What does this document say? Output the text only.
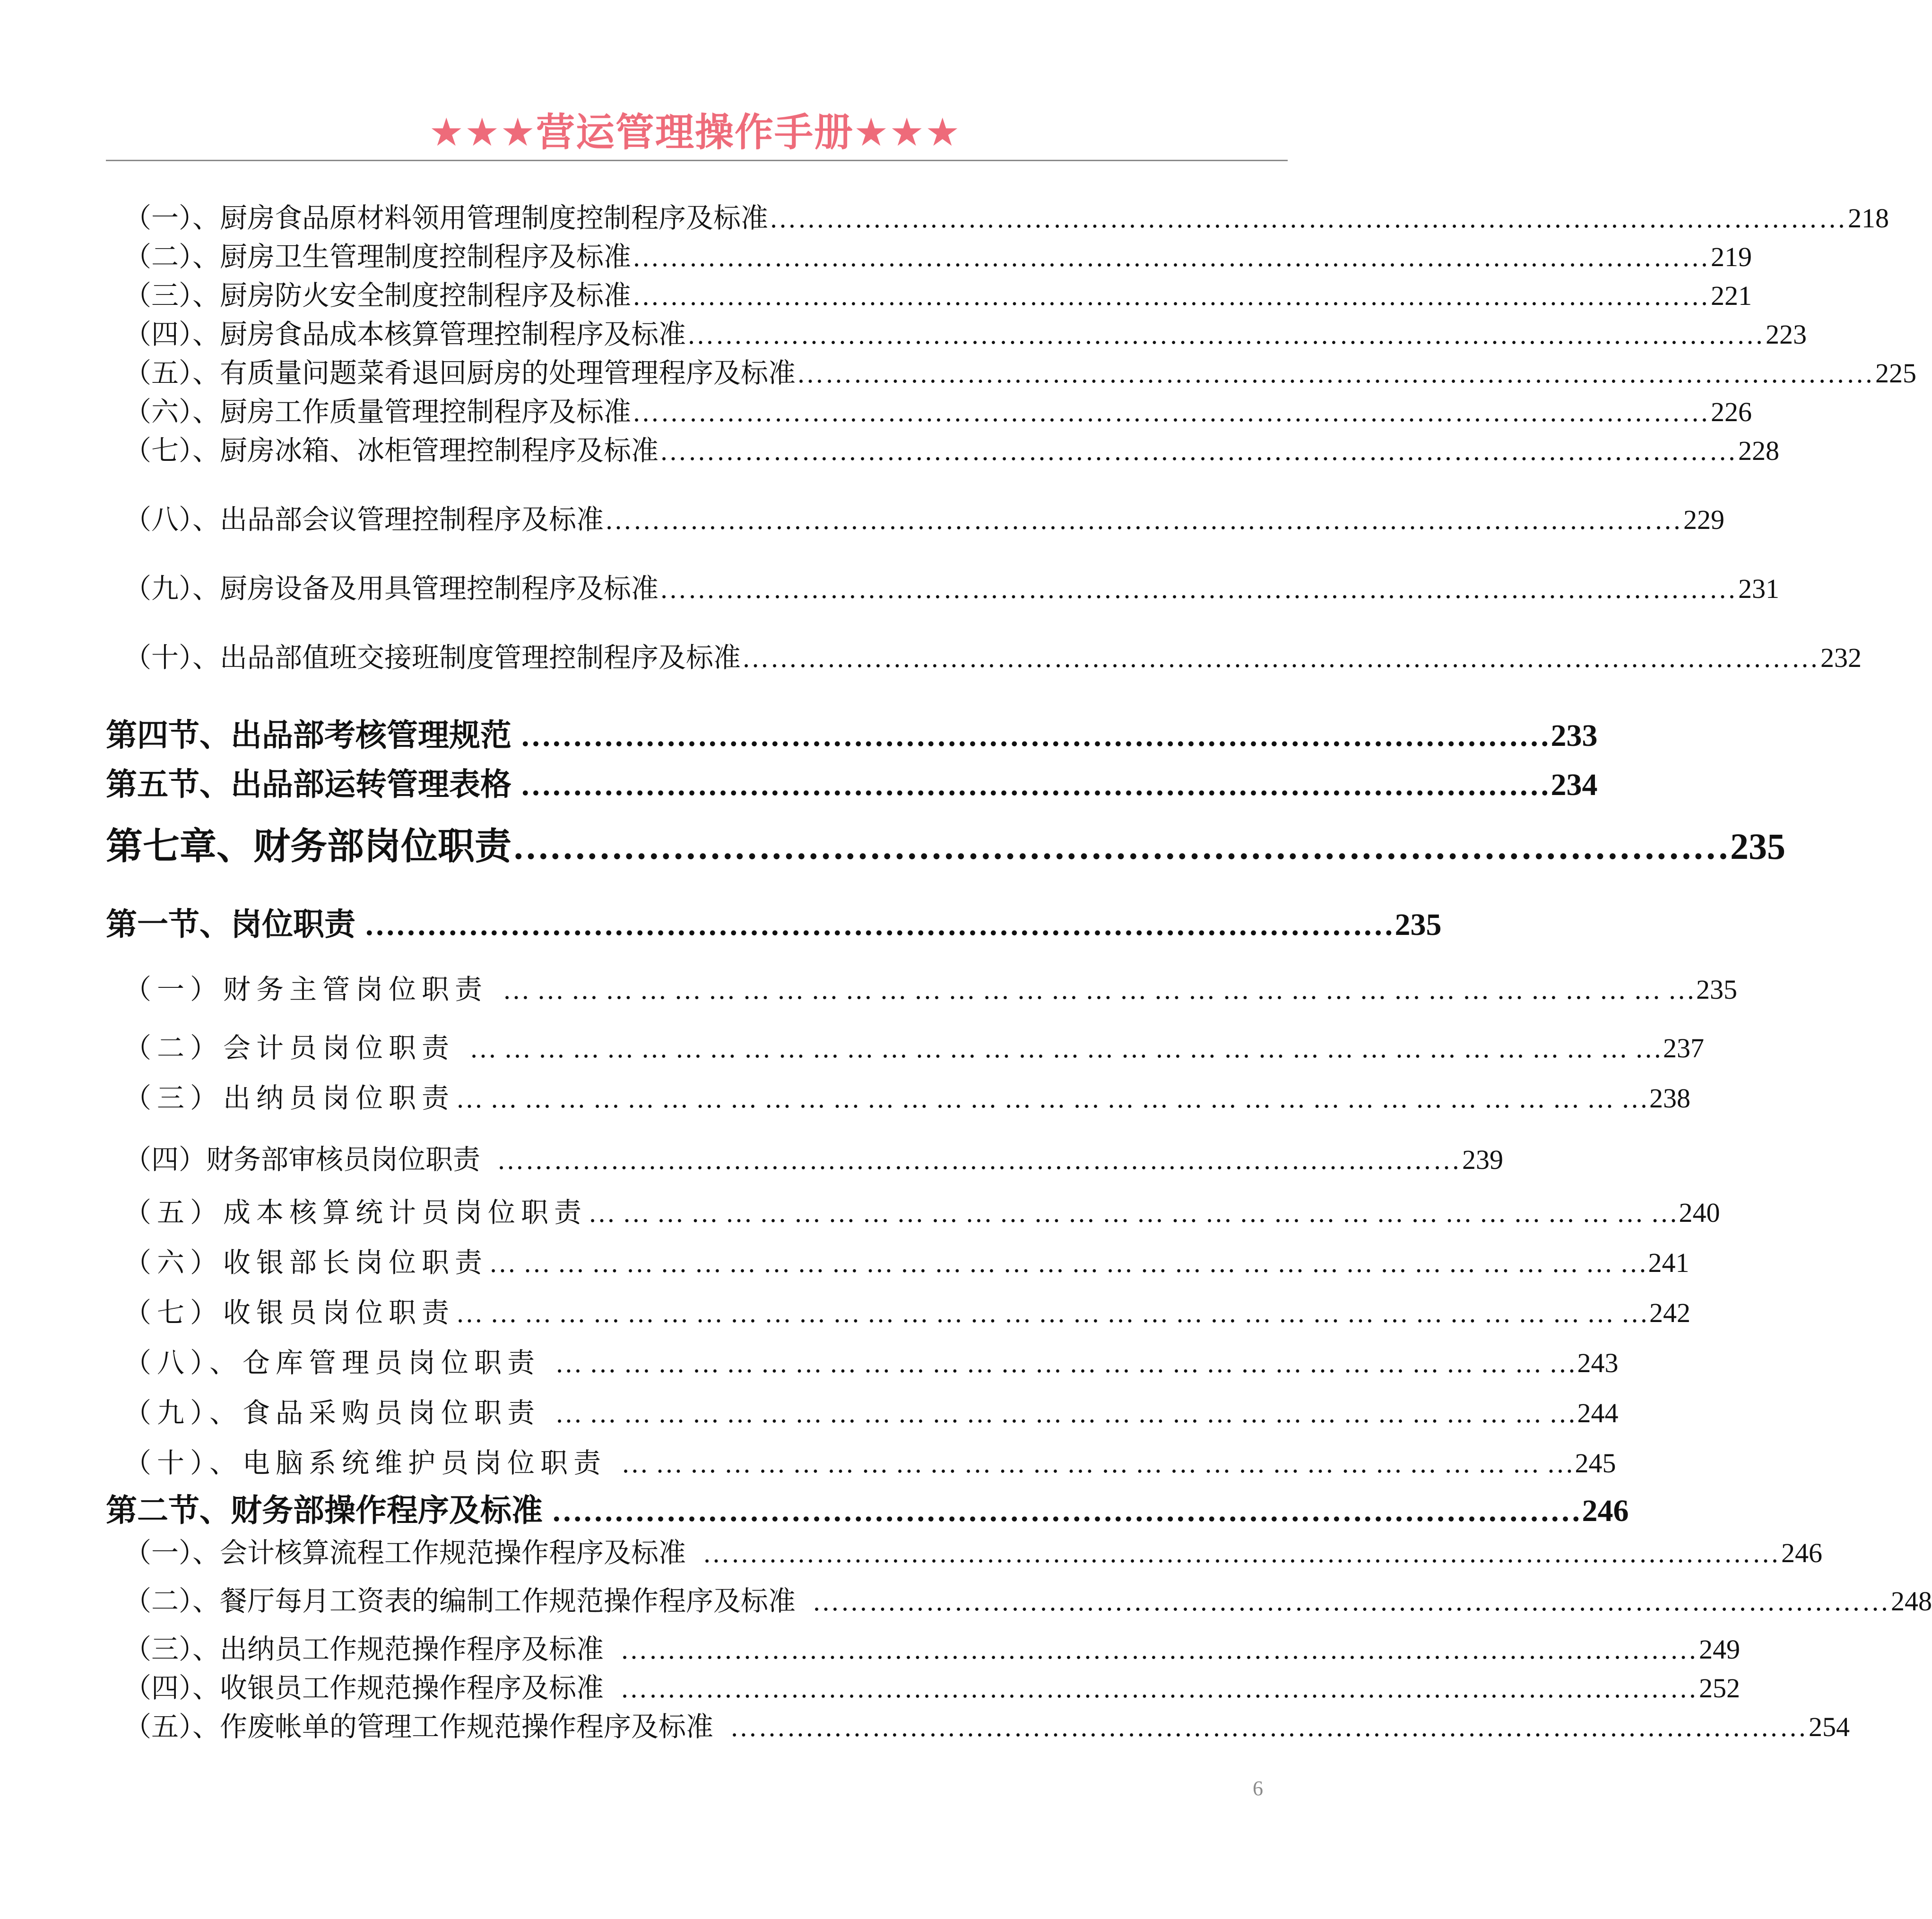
★★★营运管理操作手册★★★
（一）、厨房食品原材料领用管理制度控制程序及标准 …………………………………………………………………………………………………… 218
（二）、厨房卫生管理制度控制程序及标准 …………………………………………………………………………………………………… 219
（三）、厨房防火安全制度控制程序及标准 …………………………………………………………………………………………………… 221
（四）、厨房食品成本核算管理控制程序及标准 …………………………………………………………………………………………………… 223
（五）、有质量问题菜肴退回厨房的处理管理程序及标准 …………………………………………………………………………………………………… 225
（六）、厨房工作质量管理控制程序及标准 …………………………………………………………………………………………………… 226
（七）、厨房冰箱、冰柜管理控制程序及标准 …………………………………………………………………………………………………… 228
（八）、出品部会议管理控制程序及标准 …………………………………………………………………………………………………… 229
（九）、厨房设备及用具管理控制程序及标准 …………………………………………………………………………………………………… 231
（十）、出品部值班交接班制度管理控制程序及标准 …………………………………………………………………………………………………… 232
第四节、出品部考核管理规范 ……………………………………………………………………………………… 233
第五节、出品部运转管理表格 ……………………………………………………………………………………… 234
第七章、财务部岗位职责 ……………………………………………………………………………………… 235
第一节、岗位职责 ……………………………………………………………………………………… 235
（一）财务主管岗位职责 … … … … … … … … … … … … … … … … … … … … … … … … … … … … … … … … … … … 235
（二）会计员岗位职责 … … … … … … … … … … … … … … … … … … … … … … … … … … … … … … … … … … … 237
（三）出纳员岗位职责 … … … … … … … … … … … … … … … … … … … … … … … … … … … … … … … … … … … 238
（四）财务部审核员岗位职责 ………………………………………………………………………………………… 239
（五）成本核算统计员岗位职责 … … … … … … … … … … … … … … … … … … … … … … … … … … … … … … … … 240
（六）收银部长岗位职责 … … … … … … … … … … … … … … … … … … … … … … … … … … … … … … … … … … 241
（七）收银员岗位职责 … … … … … … … … … … … … … … … … … … … … … … … … … … … … … … … … … … … 242
（八）、仓库管理员岗位职责 … … … … … … … … … … … … … … … … … … … … … … … … … … … … … … 243
（九）、食品采购员岗位职责 … … … … … … … … … … … … … … … … … … … … … … … … … … … … … … 244
（十）、电脑系统维护员岗位职责 … … … … … … … … … … … … … … … … … … … … … … … … … … … … 245
第二节、财务部操作程序及标准 ……………………………………………………………………………………… 246
（一）、会计核算流程工作规范操作程序及标准 …………………………………………………………………………………………………… 246
（二）、餐厅每月工资表的编制工作规范操作程序及标准 …………………………………………………………………………………………………… 248
（三）、出纳员工作规范操作程序及标准 …………………………………………………………………………………………………… 249
（四）、收银员工作规范操作程序及标准 …………………………………………………………………………………………………… 252
（五）、作废帐单的管理工作规范操作程序及标准 …………………………………………………………………………………………………… 254
6
